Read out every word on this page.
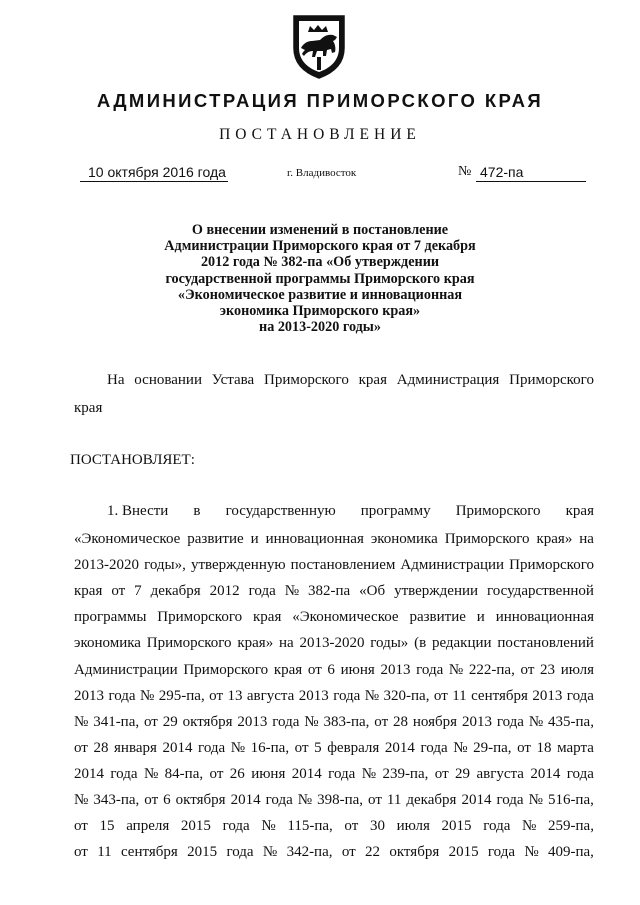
АДМИНИСТРАЦИЯ ПРИМОРСКОГО КРАЯ
ПОСТАНОВЛЕНИЕ
10 октября 2016 года	г. Владивосток	№ 472-па
О внесении изменений в постановление
Администрации Приморского края от 7 декабря
2012 года № 382-па «Об утверждении
государственной программы Приморского края
«Экономическое развитие и инновационная
экономика Приморского края»
на 2013-2020 годы»
На основании Устава Приморского края Администрация Приморского
края
ПОСТАНОВЛЯЕТ:
1. Внести в государственную программу Приморского края
«Экономическое развитие и инновационная экономика Приморского края» на
2013-2020 годы», утвержденную постановлением Администрации Приморского
края от 7 декабря 2012 года № 382-па «Об утверждении государственной
программы Приморского края «Экономическое развитие и инновационная
экономика Приморского края» на 2013-2020 годы» (в редакции постановлений
Администрации Приморского края от 6 июня 2013 года № 222-па, от 23 июля
2013 года № 295-па, от 13 августа 2013 года № 320-па, от 11 сентября 2013 года
№ 341-па, от 29 октября 2013 года № 383-па, от 28 ноября 2013 года № 435-па,
от 28 января 2014 года № 16-па, от 5 февраля 2014 года № 29-па, от 18 марта
2014 года № 84-па, от 26 июня 2014 года № 239-па, от 29 августа 2014 года
№ 343-па, от 6 октября 2014 года № 398-па, от 11 декабря 2014 года № 516-па,
от 15 апреля 2015 года № 115-па, от 30 июля 2015 года № 259-па,
от 11 сентября 2015 года № 342-па, от 22 октября 2015 года № 409-па,
